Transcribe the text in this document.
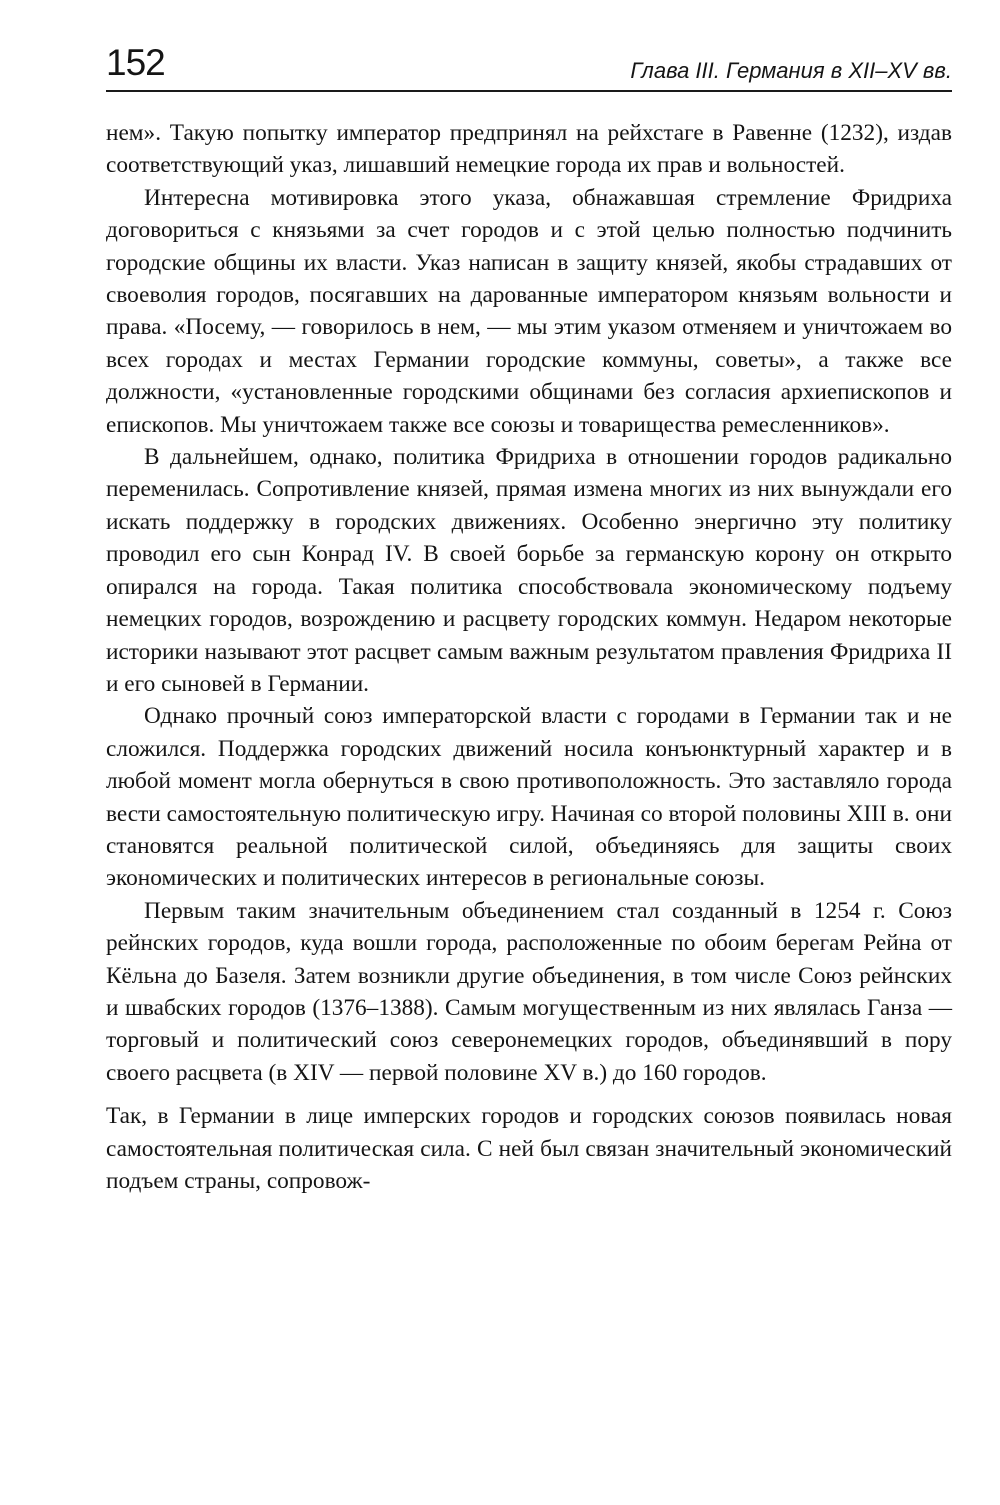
152	Глава III. Германия в XII–XV вв.

нем». Такую попытку император предпринял на рейхстаге в Равенне (1232), издав соответствующий указ, лишавший немецкие города их прав и вольностей.

Интересна мотивировка этого указа, обнажавшая стремление Фридриха договориться с князьями за счет городов и с этой целью полностью подчинить городские общины их власти. Указ написан в защиту князей, якобы страдавших от своеволия городов, посягавших на дарованные императором князьям вольности и права. «Посему, — говорилось в нем, — мы этим указом отменяем и уничтожаем во всех городах и местах Германии городские коммуны, советы», а также все должности, «установленные городскими общинами без согласия архиепископов и епископов. Мы уничтожаем также все союзы и товарищества ремесленников».

В дальнейшем, однако, политика Фридриха в отношении городов радикально переменилась. Сопротивление князей, прямая измена многих из них вынуждали его искать поддержку в городских движениях. Особенно энергично эту политику проводил его сын Конрад IV. В своей борьбе за германскую корону он открыто опирался на города. Такая политика способствовала экономическому подъему немецких городов, возрождению и расцвету городских коммун. Недаром некоторые историки называют этот расцвет самым важным результатом правления Фридриха II и его сыновей в Германии.

Однако прочный союз императорской власти с городами в Германии так и не сложился. Поддержка городских движений носила конъюнктурный характер и в любой момент могла обернуться в свою противоположность. Это заставляло города вести самостоятельную политическую игру. Начиная со второй половины XIII в. они становятся реальной политической силой, объединяясь для защиты своих экономических и политических интересов в региональные союзы.

Первым таким значительным объединением стал созданный в 1254 г. Союз рейнских городов, куда вошли города, расположенные по обоим берегам Рейна от Кёльна до Базеля. Затем возникли другие объединения, в том числе Союз рейнских и швабских городов (1376–1388). Самым могущественным из них являлась Ганза — торговый и политический союз северонемецких городов, объединявший в пору своего расцвета (в XIV — первой половине XV в.) до 160 городов.

Так, в Германии в лице имперских городов и городских союзов появилась новая самостоятельная политическая сила. С ней был связан значительный экономический подъем страны, сопровож-
